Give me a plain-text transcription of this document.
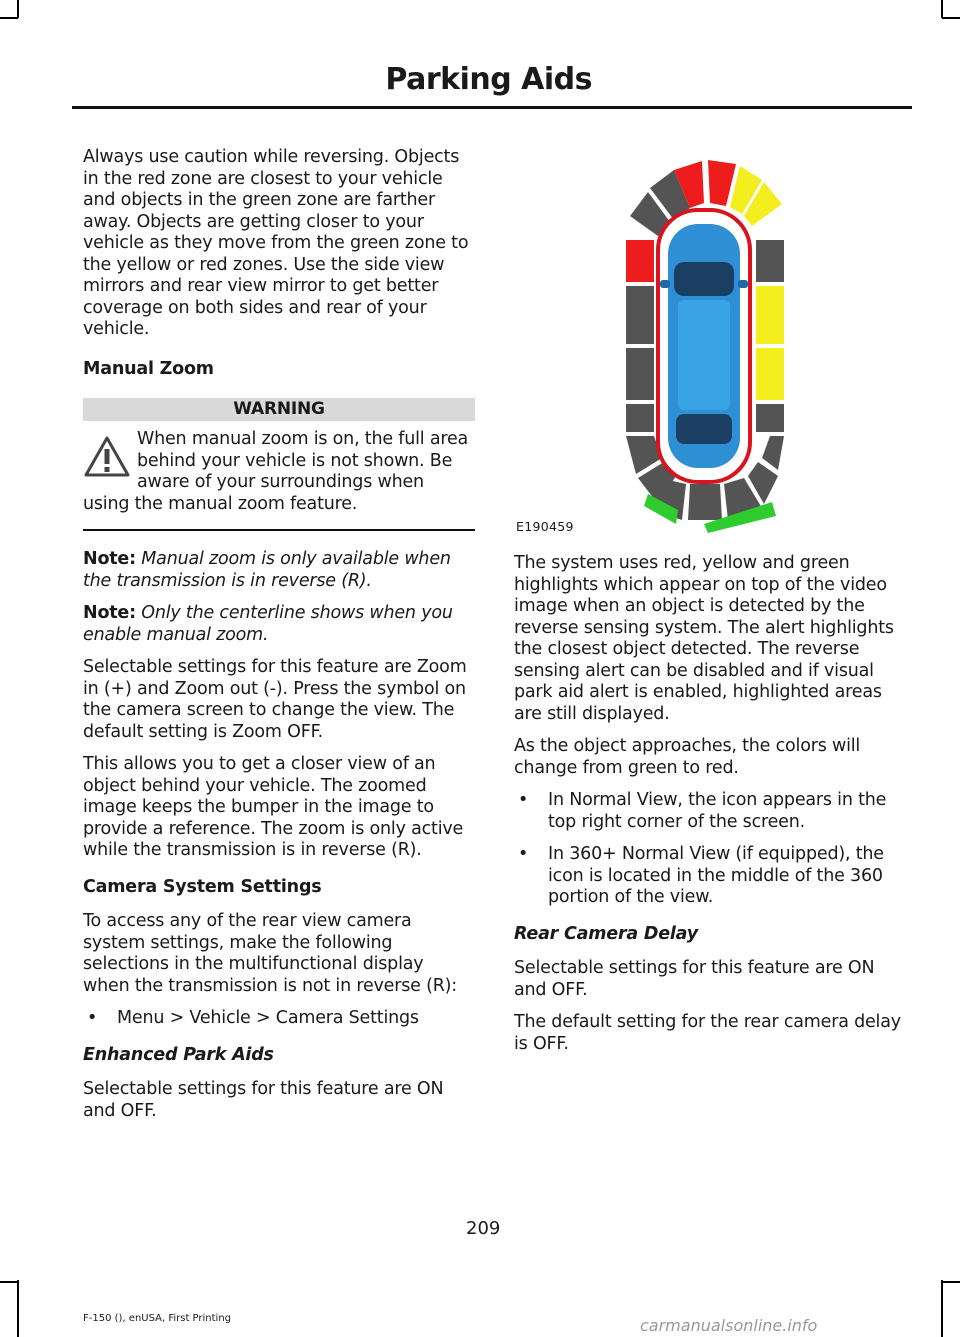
Parking Aids

Always use caution while reversing. Objects in the red zone are closest to your vehicle and objects in the green zone are farther away. Objects are getting closer to your vehicle as they move from the green zone to the yellow or red zones. Use the side view mirrors and rear view mirror to get better coverage on both sides and rear of your vehicle.

Manual Zoom
WARNING
When manual zoom is on, the full area behind your vehicle is not shown. Be aware of your surroundings when using the manual zoom feature.

Note: Manual zoom is only available when the transmission is in reverse (R).

Note: Only the centerline shows when you enable manual zoom.

Selectable settings for this feature are Zoom in (+) and Zoom out (-). Press the symbol on the camera screen to change the view. The default setting is Zoom OFF.

This allows you to get a closer view of an object behind your vehicle. The zoomed image keeps the bumper in the image to provide a reference. The zoom is only active while the transmission is in reverse (R).

Camera System Settings

To access any of the rear view camera system settings, make the following selections in the multifunctional display when the transmission is not in reverse (R):

• Menu > Vehicle > Camera Settings
Enhanced Park Aids

Selectable settings for this feature are ON and OFF.

E190459

The system uses red, yellow and green highlights which appear on top of the video image when an object is detected by the reverse sensing system. The alert highlights the closest object detected. The reverse sensing alert can be disabled and if visual park aid alert is enabled, highlighted areas are still displayed.

As the object approaches, the colors will change from green to red.

• In Normal View, the icon appears in the top right corner of the screen.
• In 360+ Normal View (if equipped), the icon is located in the middle of the 360 portion of the view.
Rear Camera Delay

Selectable settings for this feature are ON and OFF.

The default setting for the rear camera delay is OFF.

209
F-150 (), enUSA, First Printing	carmanualsonline.info
